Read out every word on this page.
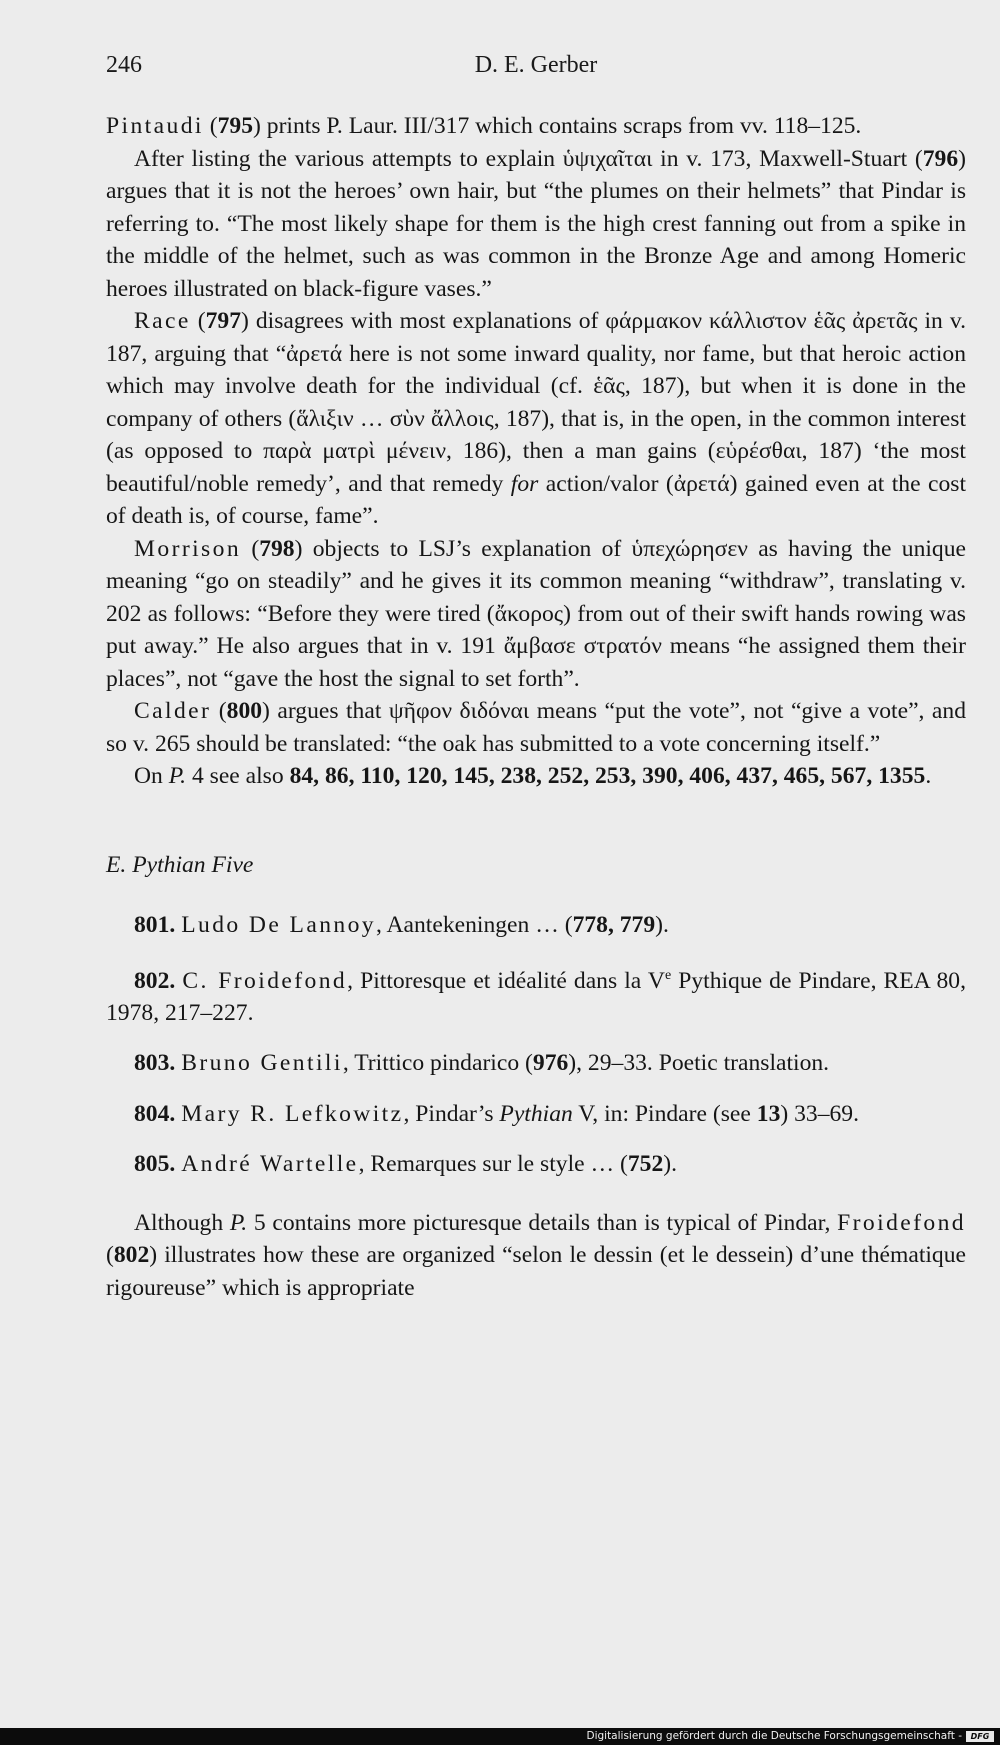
246	D. E. Gerber

Pintaudi (795) prints P. Laur. III/317 which contains scraps from vv. 118–125.

After listing the various attempts to explain ὑψιχαῖται in v. 173, Maxwell-Stuart (796) argues that it is not the heroes’ own hair, but “the plumes on their helmets” that Pindar is referring to. “The most likely shape for them is the high crest fanning out from a spike in the middle of the helmet, such as was common in the Bronze Age and among Homeric heroes illustrated on black-figure vases.”

Race (797) disagrees with most explanations of φάρμακον κάλλιστον ἑᾶς ἀρετᾶς in v. 187, arguing that “ἀρετά here is not some inward quality, nor fame, but that heroic action which may involve death for the individual (cf. ἑᾶς, 187), but when it is done in the company of others (ἅλιξιν … σὺν ἄλλοις, 187), that is, in the open, in the common interest (as opposed to παρὰ ματρὶ μένειν, 186), then a man gains (εὑρέσθαι, 187) ‘the most beautiful/noble remedy’, and that remedy for action/valor (ἀρετά) gained even at the cost of death is, of course, fame”.

Morrison (798) objects to LSJ’s explanation of ὑπεχώρησεν as having the unique meaning “go on steadily” and he gives it its common meaning “withdraw”, translating v. 202 as follows: “Before they were tired (ἄκορος) from out of their swift hands rowing was put away.” He also argues that in v. 191 ἄμβασε στρατόν means “he assigned them their places”, not “gave the host the signal to set forth”.

Calder (800) argues that ψῆφον διδόναι means “put the vote”, not “give a vote”, and so v. 265 should be translated: “the oak has submitted to a vote concerning itself.”

On P. 4 see also 84, 86, 110, 120, 145, 238, 252, 253, 390, 406, 437, 465, 567, 1355.

E. Pythian Five

801. Ludo De Lannoy, Aantekeningen … (778, 779).

802. C. Froidefond, Pittoresque et idéalité dans la Ve Pythique de Pindare, REA 80, 1978, 217–227.

803. Bruno Gentili, Trittico pindarico (976), 29–33. Poetic translation.

804. Mary R. Lefkowitz, Pindar’s Pythian V, in: Pindare (see 13) 33–69.

805. André Wartelle, Remarques sur le style … (752).

Although P. 5 contains more picturesque details than is typical of Pindar, Froidefond (802) illustrates how these are organized “selon le dessin (et le dessein) d’une thématique rigoureuse” which is appropriate

Digitalisierung gefördert durch die Deutsche Forschungsgemeinschaft -	DFG
